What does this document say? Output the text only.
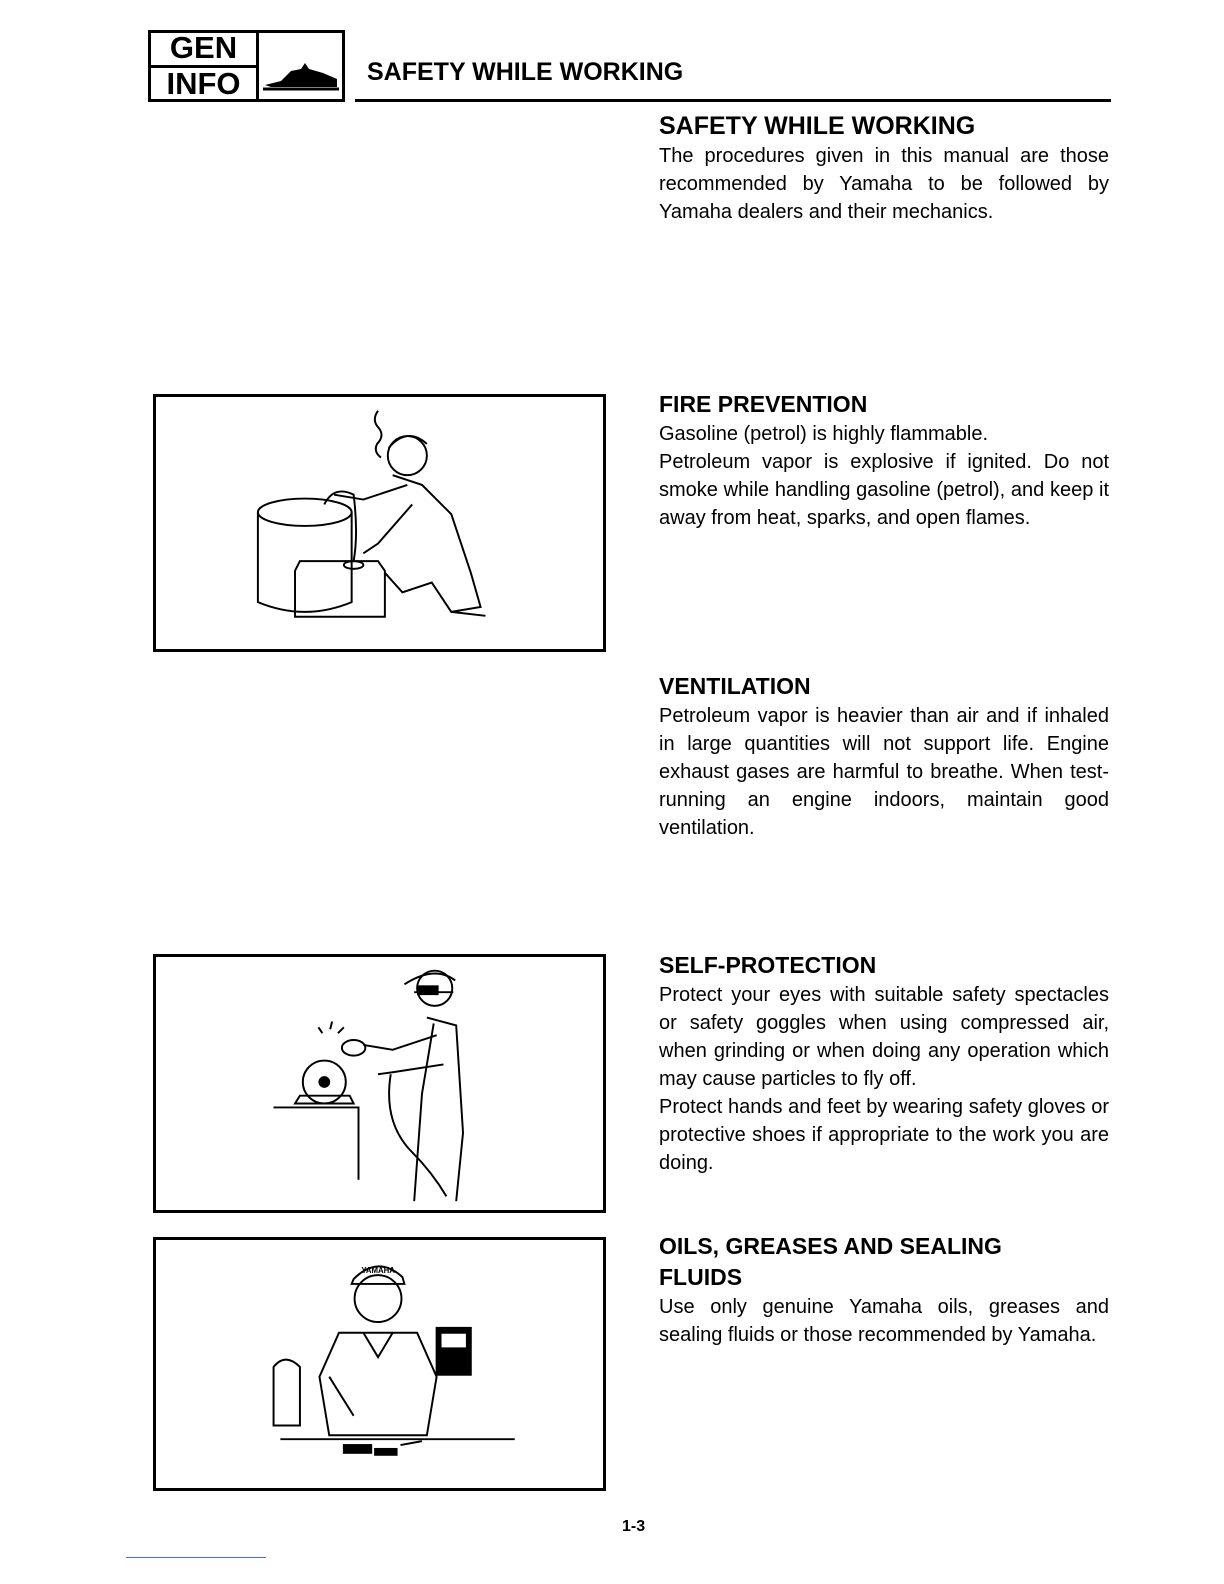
GEN
INFO	SAFETY WHILE WORKING
SAFETY WHILE WORKING

The procedures given in this manual are those recommended by Yamaha to be followed by Yamaha dealers and their mechanics.

FIRE PREVENTION

Gasoline (petrol) is highly flammable.

Petroleum vapor is explosive if ignited. Do not smoke while handling gasoline (petrol), and keep it away from heat, sparks, and open flames.

VENTILATION

Petroleum vapor is heavier than air and if inhaled in large quantities will not support life. Engine exhaust gases are harmful to breathe. When test-running an engine indoors, maintain good ventilation.

SELF-PROTECTION

Protect your eyes with suitable safety spectacles or safety goggles when using compressed air, when grinding or when doing any operation which may cause particles to fly off.

Protect hands and feet by wearing safety gloves or protective shoes if appropriate to the work you are doing.

YAMAHA
OILS, GREASES AND SEALING
FLUIDS

Use only genuine Yamaha oils, greases and sealing fluids or those recommended by Yamaha.

1-3
